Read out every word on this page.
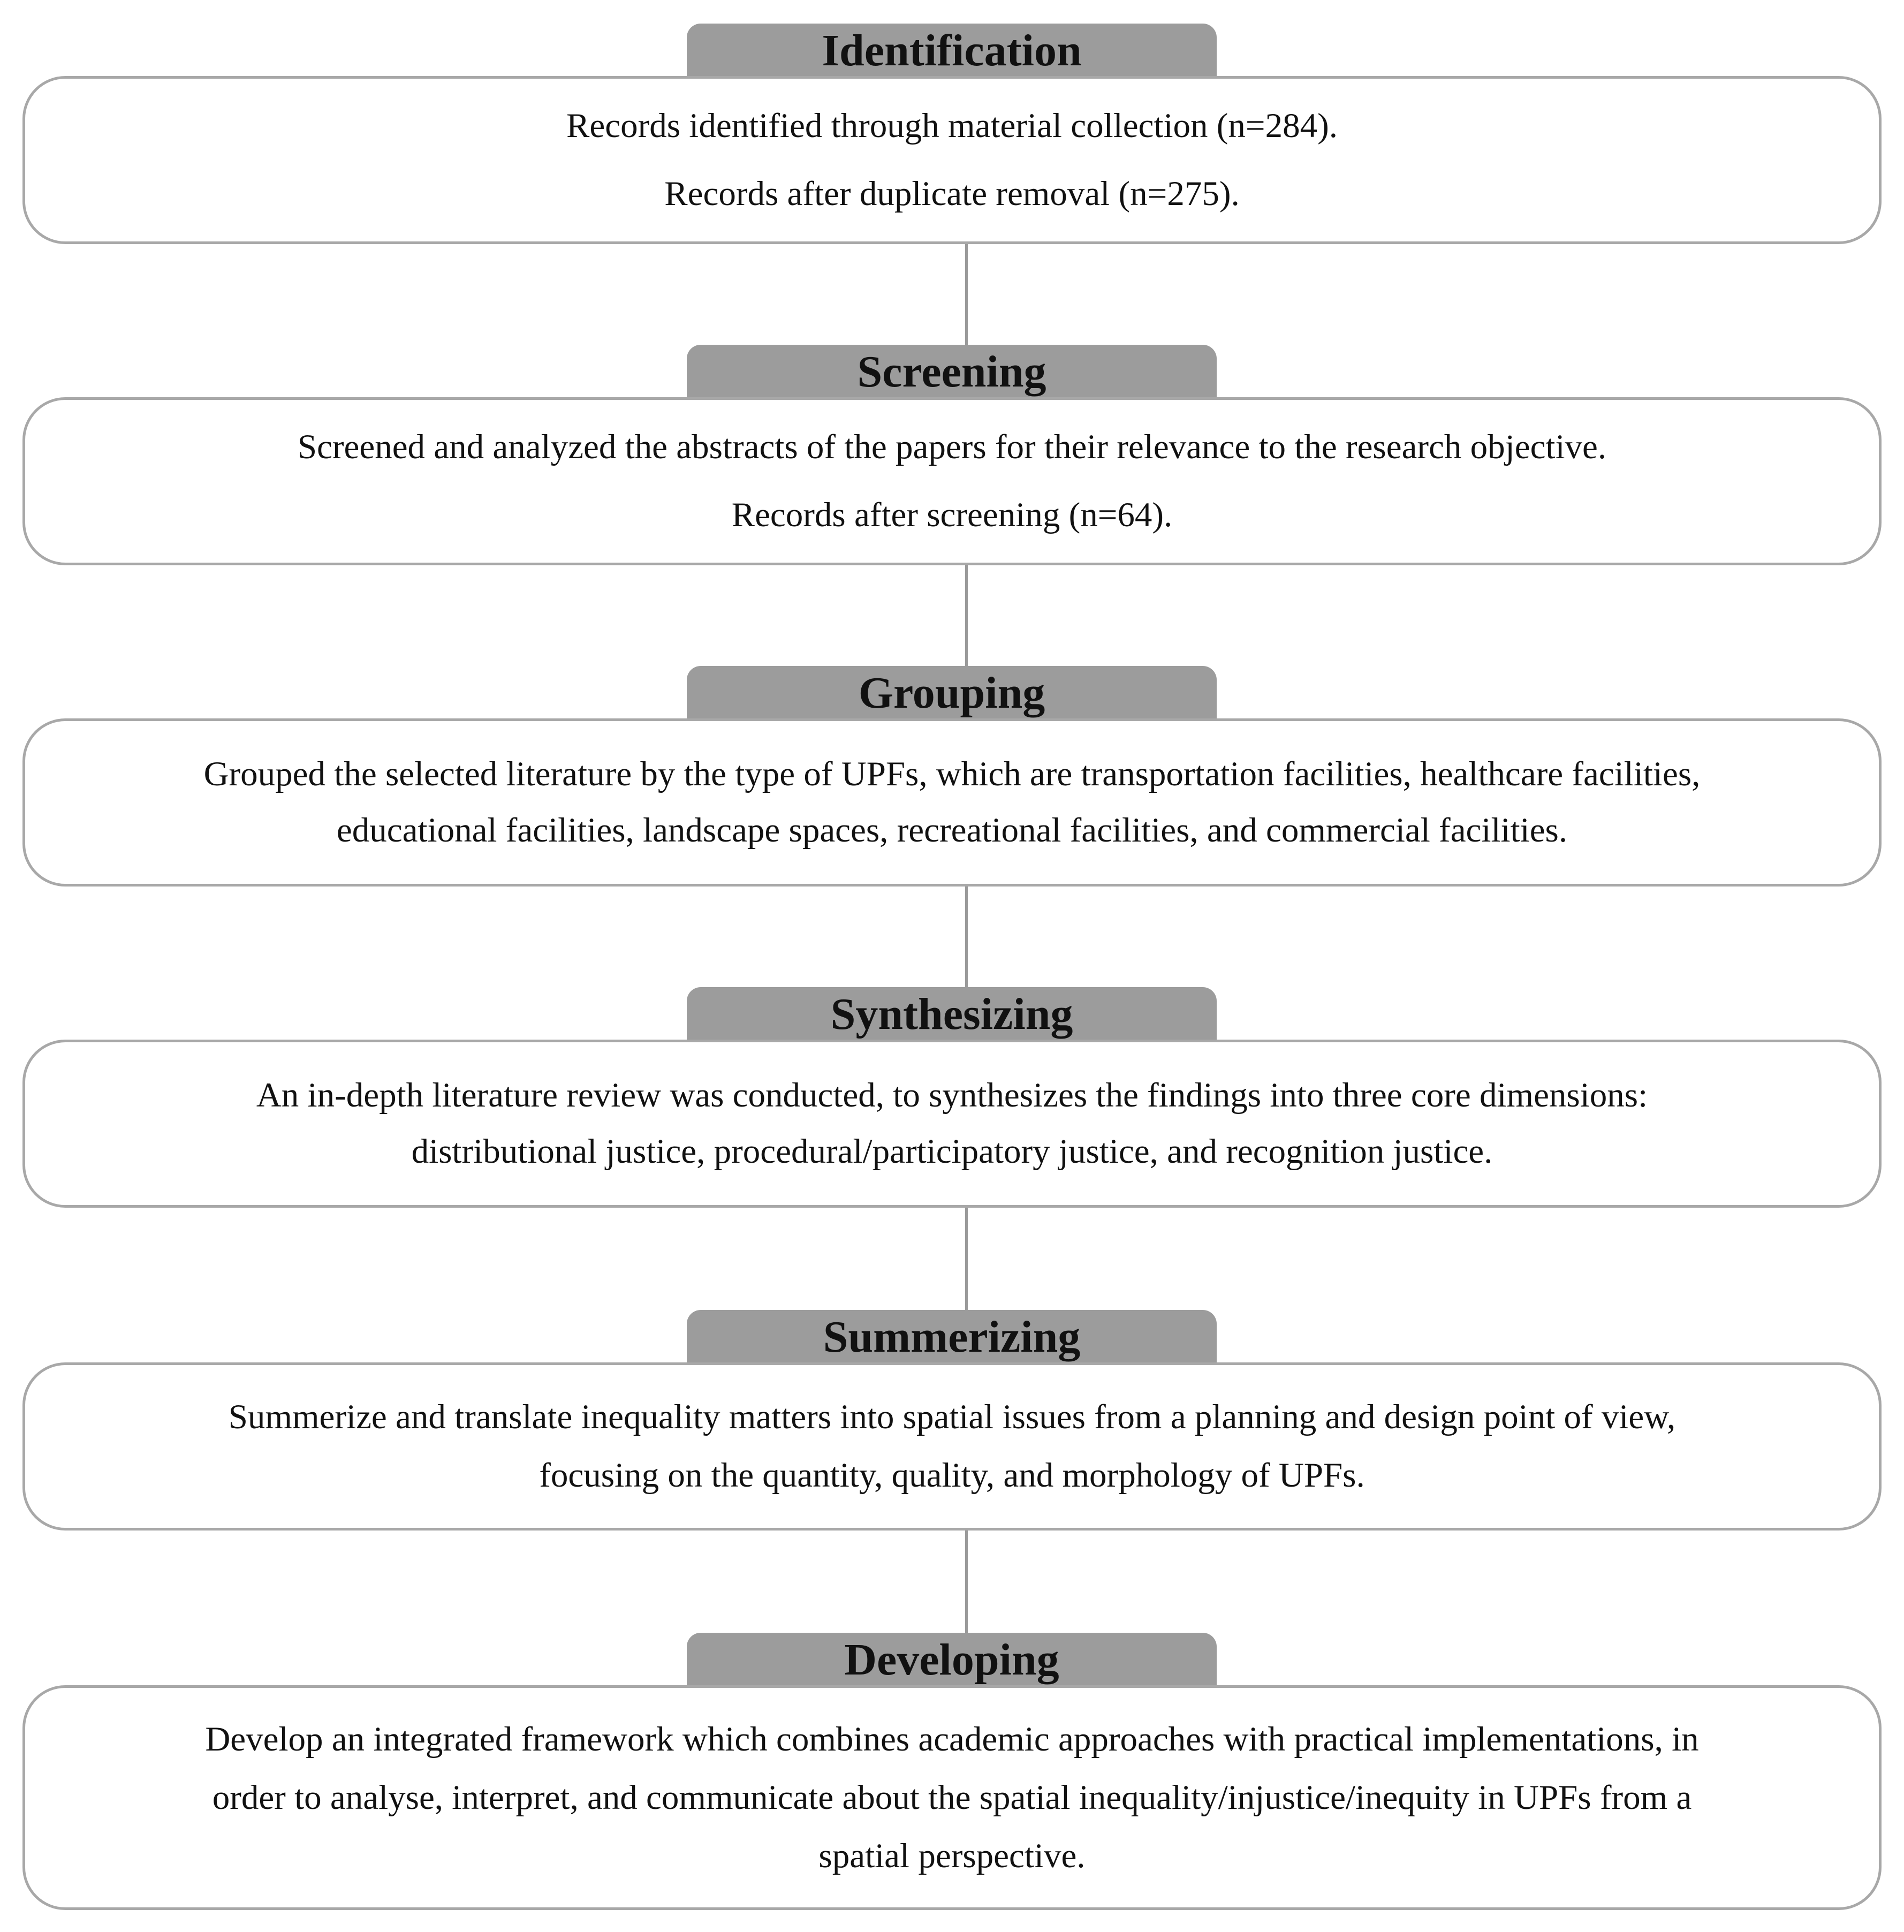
Identification
Records identified through material collection (n=284).
Records after duplicate removal (n=275).
Screening
Screened and analyzed the abstracts of the papers for their relevance to the research objective.
Records after screening (n=64).
Grouping
Grouped the selected literature by the type of UPFs, which are transportation facilities, healthcare facilities,
educational facilities, landscape spaces, recreational facilities, and commercial facilities.
Synthesizing
An in-depth literature review was conducted, to synthesizes the findings into three core dimensions:
distributional justice, procedural/participatory justice, and recognition justice.
Summerizing
Summerize and translate inequality matters into spatial issues from a planning and design point of view,
focusing on the quantity, quality, and morphology of UPFs.
Developing
Develop an integrated framework which combines academic approaches with practical implementations, in
order to analyse, interpret, and communicate about the spatial inequality/injustice/inequity in UPFs from a
spatial perspective.
